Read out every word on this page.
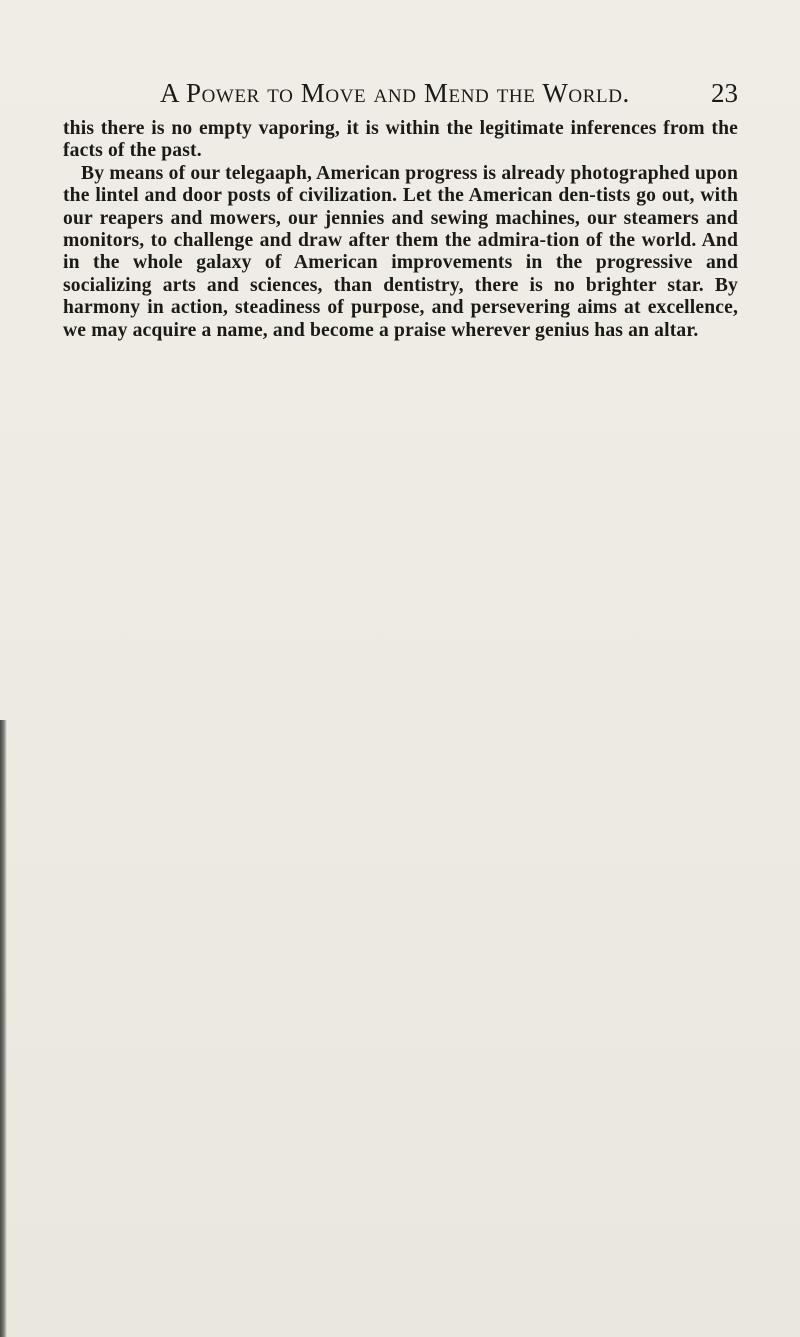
A Power to Move and Mend the World.	23

this there is no empty vaporing, it is within the legitimate inferences from the facts of the past.

By means of our telegaaph, American progress is already photographed upon the lintel and door posts of civilization. Let the American den-tists go out, with our reapers and mowers, our jennies and sewing machines, our steamers and monitors, to challenge and draw after them the admira-tion of the world. And in the whole galaxy of American improvements in the progressive and socializing arts and sciences, than dentistry, there is no brighter star. By harmony in action, steadiness of purpose, and persevering aims at excellence, we may acquire a name, and become a praise wherever genius has an altar.
